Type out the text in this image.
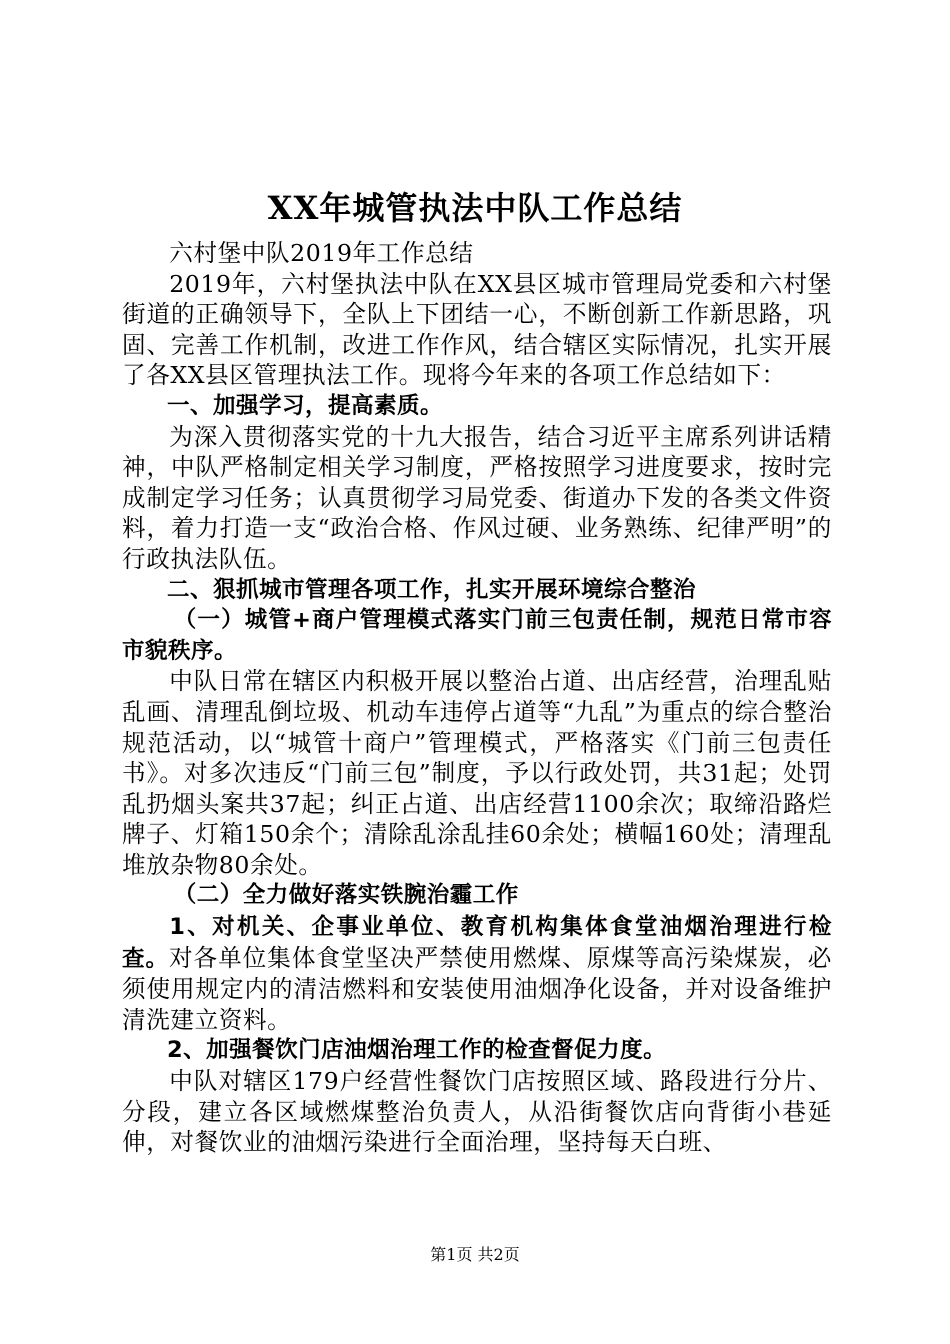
XX年城管执法中队工作总结

六村堡中队2019年工作总结

2019年，六村堡执法中队在XX县区城市管理局党委和六村堡街道的正确领导下，全队上下团结一心，不断创新工作新思路，巩固、完善工作机制，改进工作作风，结合辖区实际情况，扎实开展了各XX县区管理执法工作。现将今年来的各项工作总结如下：

一、加强学习，提高素质。

为深入贯彻落实党的十九大报告，结合习近平主席系列讲话精神，中队严格制定相关学习制度，严格按照学习进度要求，按时完成制定学习任务；认真贯彻学习局党委、街道办下发的各类文件资料，着力打造一支“政治合格、作风过硬、业务熟练、纪律严明”的行政执法队伍。

二、狠抓城市管理各项工作，扎实开展环境综合整治

（一）城管+商户管理模式落实门前三包责任制，规范日常市容市貌秩序。

中队日常在辖区内积极开展以整治占道、出店经营，治理乱贴乱画、清理乱倒垃圾、机动车违停占道等“九乱”为重点的综合整治规范活动，以“城管十商户”管理模式，严格落实《门前三包责任书》。对多次违反“门前三包”制度，予以行政处罚，共31起；处罚乱扔烟头案共37起；纠正占道、出店经营1100余次；取缔沿路烂牌子、灯箱150余个；清除乱涂乱挂60余处；横幅160处；清理乱堆放杂物80余处。

（二）全力做好落实铁腕治霾工作

1、对机关、企事业单位、教育机构集体食堂油烟治理进行检查。对各单位集体食堂坚决严禁使用燃煤、原煤等高污染煤炭，必须使用规定内的清洁燃料和安装使用油烟净化设备，并对设备维护清洗建立资料。

2、加强餐饮门店油烟治理工作的检查督促力度。

中队对辖区179户经营性餐饮门店按照区域、路段进行分片、分段，建立各区域燃煤整治负责人，从沿街餐饮店向背街小巷延伸，对餐饮业的油烟污染进行全面治理，坚持每天白班、

第1页 共2页
